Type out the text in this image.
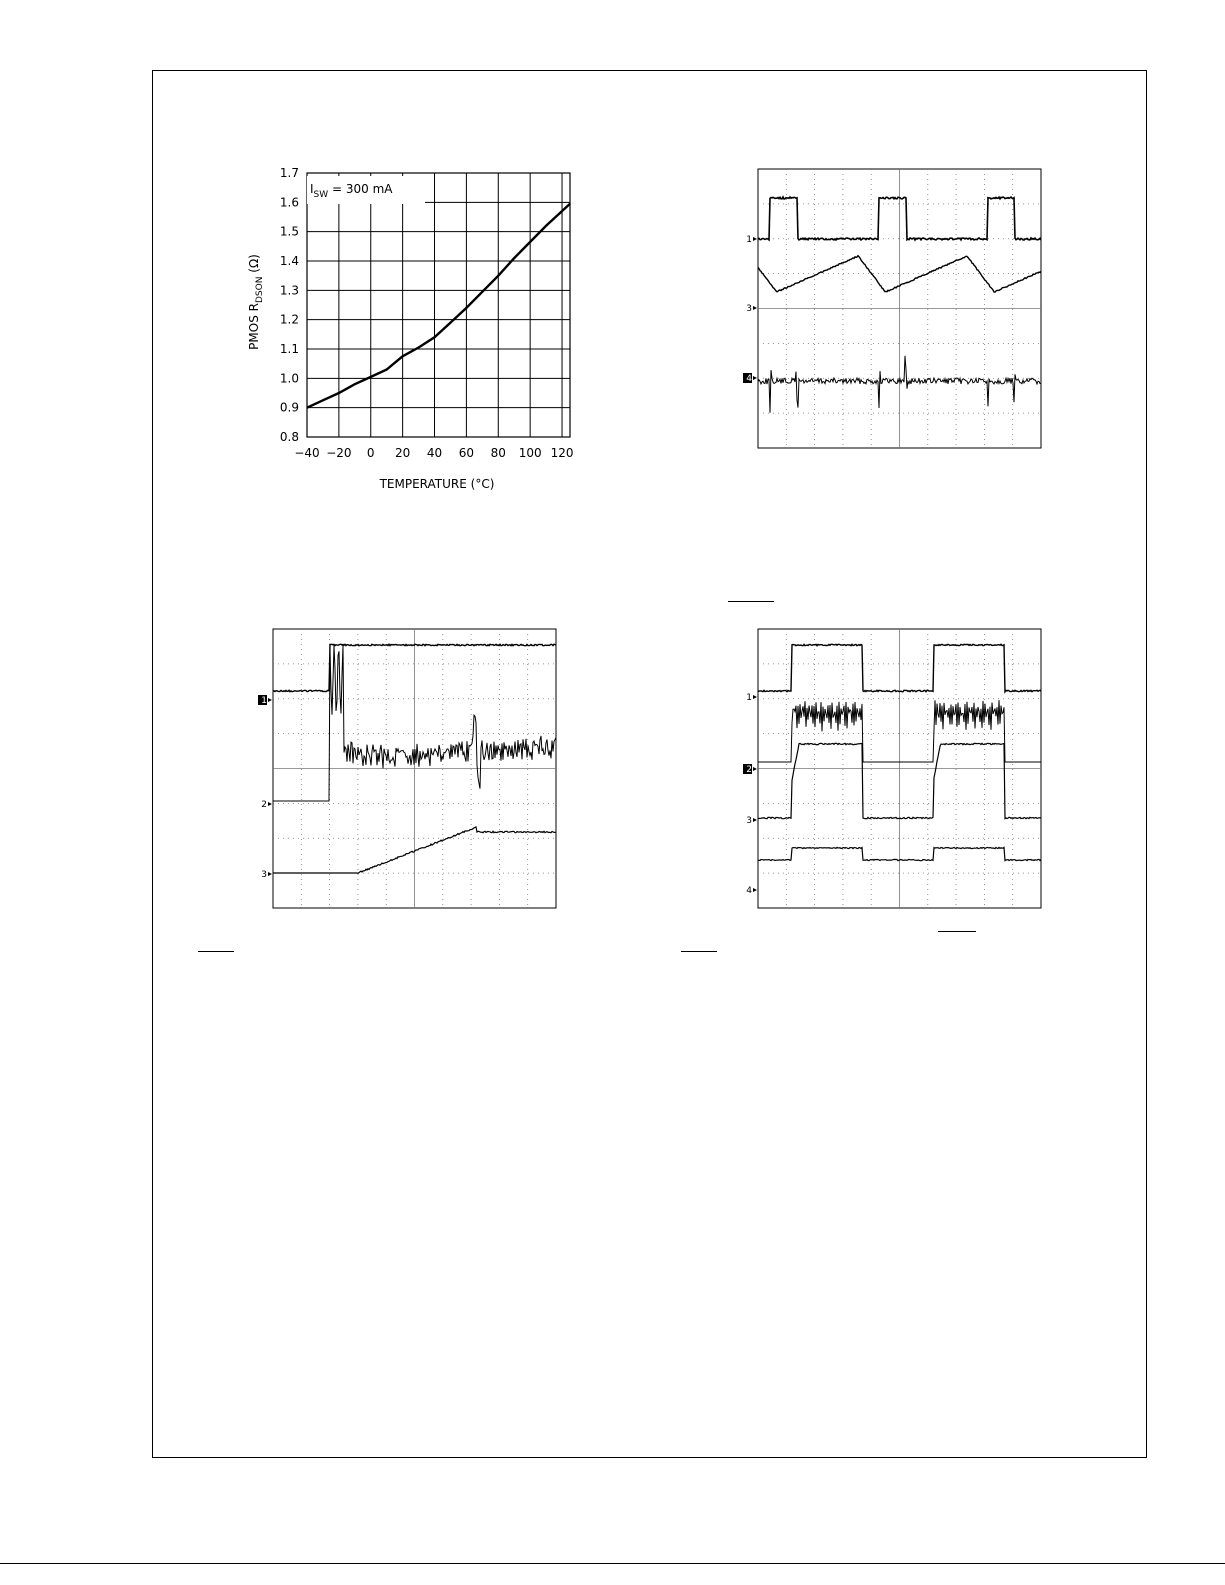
−40 −20 0 20 40 60 80 100 120
0.8
0.9
1.0
1.1
1.2
1.3
1.4
1.5
1.6
1.7
TEMPERATURE (°C)
PMOS $R_{DSON}$ (Ω)
$I_{SW} = 300$ mA
1
3
4
1
2
3
1
2
3
4
